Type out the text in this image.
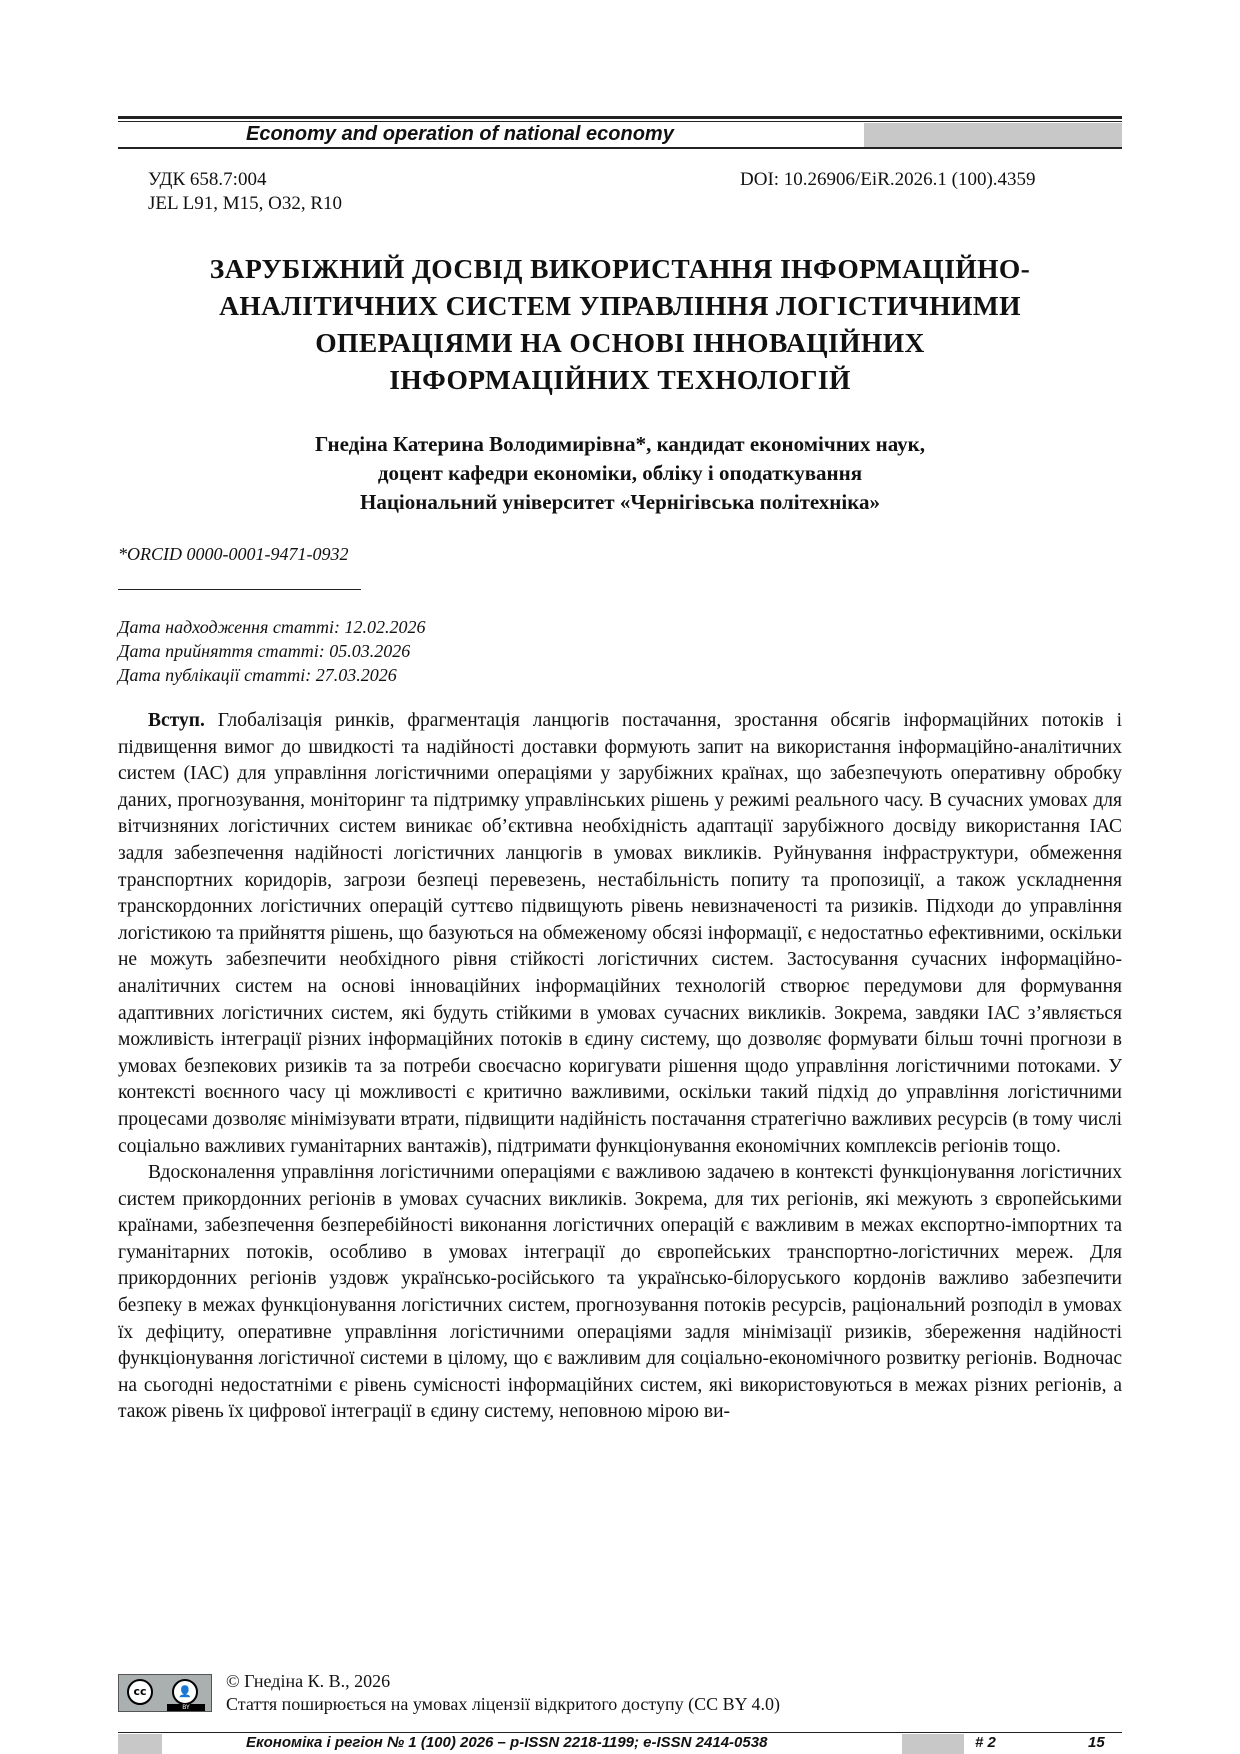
Economy and operation of national economy
УДК 658.7:004
JEL L91, M15, O32, R10
DOI: 10.26906/EiR.2026.1 (100).4359
ЗАРУБІЖНИЙ ДОСВІД ВИКОРИСТАННЯ ІНФОРМАЦІЙНО-
АНАЛІТИЧНИХ СИСТЕМ УПРАВЛІННЯ ЛОГІСТИЧНИМИ
ОПЕРАЦІЯМИ НА ОСНОВІ ІННОВАЦІЙНИХ
ІНФОРМАЦІЙНИХ ТЕХНОЛОГІЙ
Гнедіна Катерина Володимирівна*, кандидат економічних наук,
доцент кафедри економіки, обліку і оподаткування
Національний університет «Чернігівська політехніка»
*ORCID 0000-0001-9471-0932
Дата надходження статті: 12.02.2026
Дата прийняття статті: 05.03.2026
Дата публікації статті: 27.03.2026

Вступ. Глобалізація ринків, фрагментація ланцюгів постачання, зростання обсягів інформаційних потоків і підвищення вимог до швидкості та надійності доставки формують запит на використання інформаційно-аналітичних систем (ІАС) для управління логістичними операціями у зарубіжних країнах, що забезпечують оперативну обробку даних, прогнозування, моніторинг та підтримку управлінських рішень у режимі реального часу. В сучасних умовах для вітчизняних логістичних систем виникає об’єктивна необхідність адаптації зарубіжного досвіду використання ІАС задля забезпечення надійності логістичних ланцюгів в умовах викликів. Руйнування інфраструктури, обмеження транспортних коридорів, загрози безпеці перевезень, нестабільність попиту та пропозиції, а також ускладнення транскордонних логістичних операцій суттєво підвищують рівень невизначеності та ризиків. Підходи до управління логістикою та прийняття рішень, що базуються на обмеженому обсязі інформації, є недостатньо ефективними, оскільки не можуть забезпечити необхідного рівня стійкості логістичних систем. Застосування сучасних інформаційно-аналітичних систем на основі інноваційних інформаційних технологій створює передумови для формування адаптивних логістичних систем, які будуть стійкими в умовах сучасних викликів. Зокрема, завдяки ІАС з’являється можливість інтеграції різних інформаційних потоків в єдину систему, що дозволяє формувати більш точні прогнози в умовах безпекових ризиків та за потреби своєчасно коригувати рішення щодо управління логістичними потоками. У контексті воєнного часу ці можливості є критично важливими, оскільки такий підхід до управління логістичними процесами дозволяє мінімізувати втрати, підвищити надійність постачання стратегічно важливих ресурсів (в тому числі соціально важливих гуманітарних вантажів), підтримати функціонування економічних комплексів регіонів тощо.

Вдосконалення управління логістичними операціями є важливою задачею в контексті функціонування логістичних систем прикордонних регіонів в умовах сучасних викликів. Зокрема, для тих регіонів, які межують з європейськими країнами, забезпечення безперебійності виконання логістичних операцій є важливим в межах експортно-імпортних та гуманітарних потоків, особливо в умовах інтеграції до європейських транспортно-логістичних мереж. Для прикордонних регіонів уздовж українсько-російського та українсько-білоруського кордонів важливо забезпечити безпеку в межах функціонування логістичних систем, прогнозування потоків ресурсів, раціональний розподіл в умовах їх дефіциту, оперативне управління логістичними операціями задля мінімізації ризиків, збереження надійності функціонування логістичної системи в цілому, що є важливим для соціально-економічного розвитку регіонів. Водночас на сьогодні недостатніми є рівень сумісності інформаційних систем, які використовуються в межах різних регіонів, а також рівень їх цифрової інтеграції в єдину систему, неповною мірою ви-

cc	👤
BY
© Гнедіна К. В., 2026
Стаття поширюється на умовах ліцензії відкритого доступу (CC BY 4.0)
Економіка і регіон № 1 (100) 2026 – p-ISSN 2218-1199; e-ISSN 2414-0538	# 2	15
